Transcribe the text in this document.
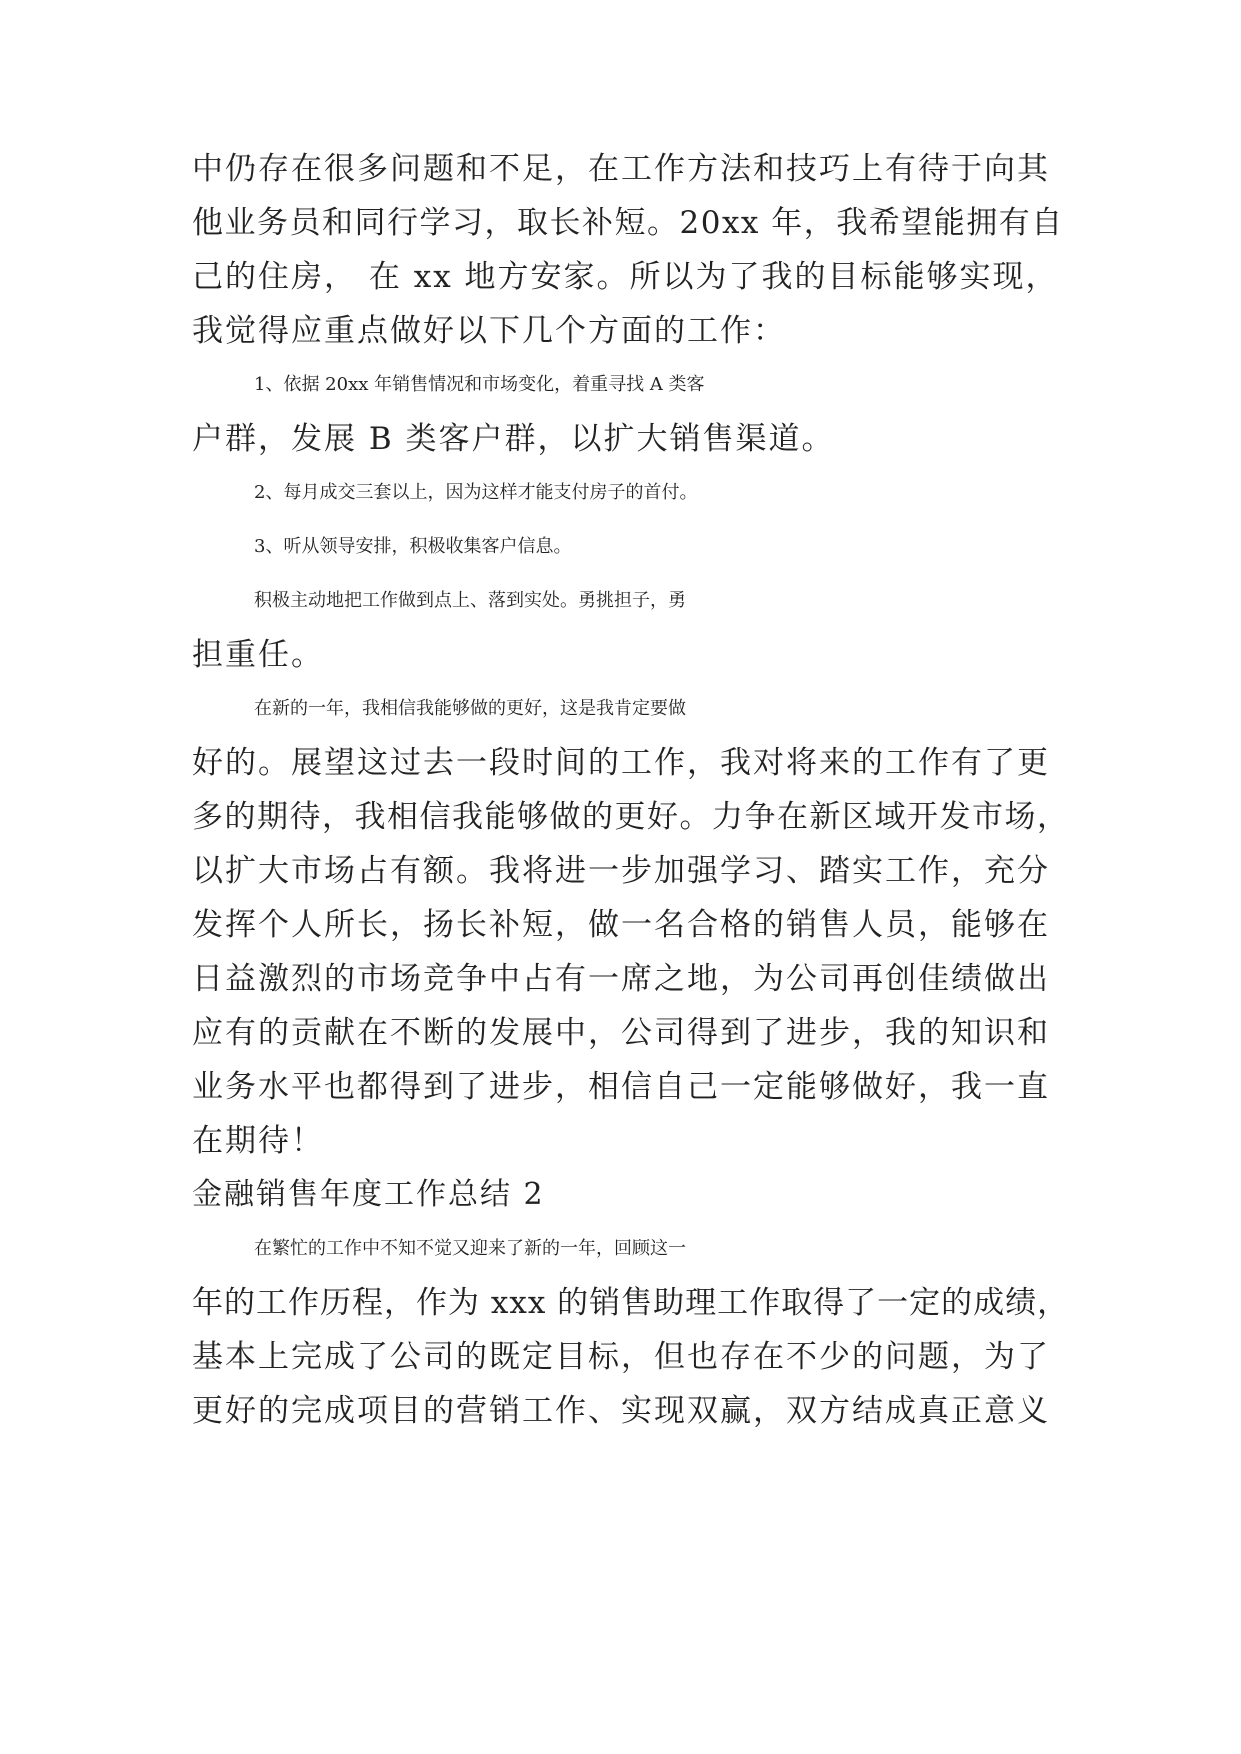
中仍存在很多问题和不足，在工作方法和技巧上有待于向其
他业务员和同行学习，取长补短。20xx 年，我希望能拥有自
己的住房， 在 xx 地方安家。所以为了我的目标能够实现，
我觉得应重点做好以下几个方面的工作：
1、依据 20xx 年销售情况和市场变化，着重寻找 A 类客
户群，发展 B 类客户群，以扩大销售渠道。
2、每月成交三套以上，因为这样才能支付房子的首付。
3、听从领导安排，积极收集客户信息。
积极主动地把工作做到点上、落到实处。勇挑担子，勇
担重任。
在新的一年，我相信我能够做的更好，这是我肯定要做
好的。展望这过去一段时间的工作，我对将来的工作有了更
多的期待，我相信我能够做的更好。力争在新区域开发市场，
以扩大市场占有额。我将进一步加强学习、踏实工作，充分
发挥个人所长，扬长补短，做一名合格的销售人员，能够在
日益激烈的市场竞争中占有一席之地，为公司再创佳绩做出
应有的贡献在不断的发展中，公司得到了进步，我的知识和
业务水平也都得到了进步，相信自己一定能够做好，我一直
在期待！
金融销售年度工作总结 2
在繁忙的工作中不知不觉又迎来了新的一年，回顾这一
年的工作历程，作为 xxx 的销售助理工作取得了一定的成绩，
基本上完成了公司的既定目标，但也存在不少的问题，为了
更好的完成项目的营销工作、实现双赢，双方结成真正意义
